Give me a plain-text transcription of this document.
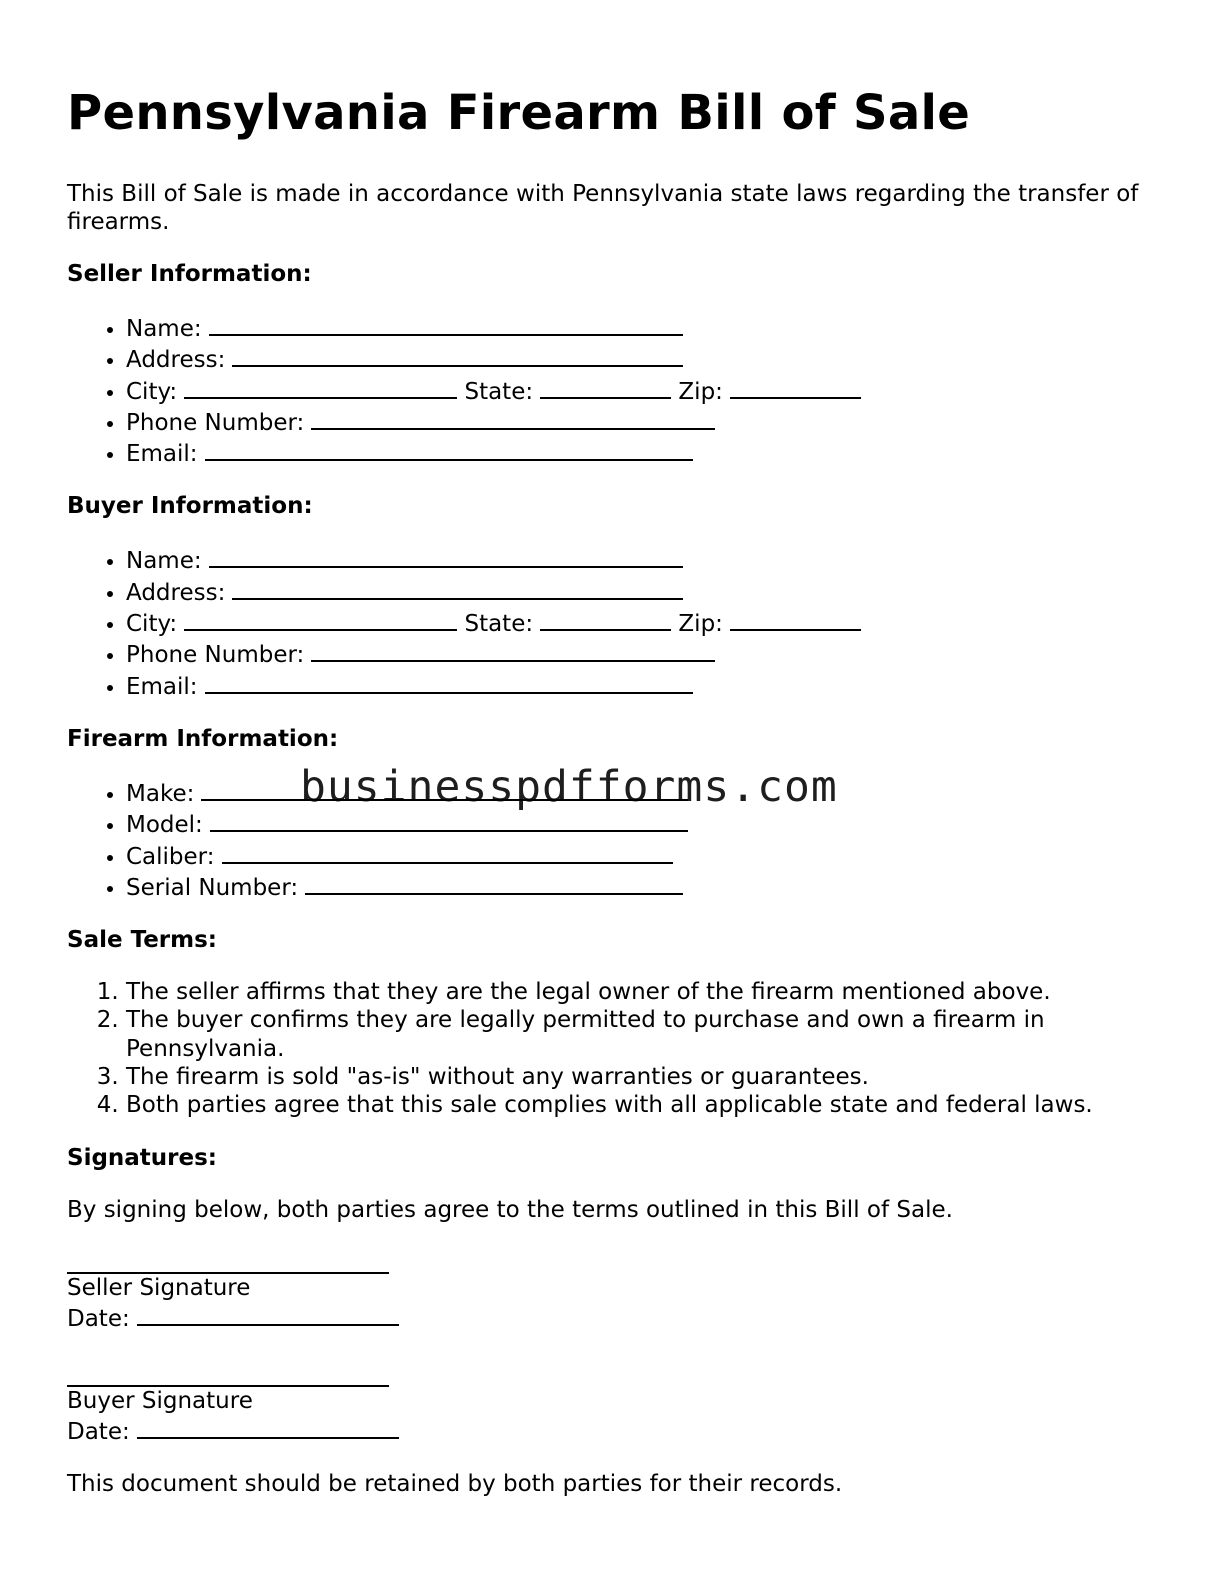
Pennsylvania Firearm Bill of Sale

This Bill of Sale is made in accordance with Pennsylvania state laws regarding the transfer of firearms.

Seller Information:
• Name:
• Address:
• City:	State:	Zip:
• Phone Number:
• Email:
Buyer Information:
• Name:
• Address:
• City:	State:	Zip:
• Phone Number:
• Email:
Firearm Information:
• Make:
• Model:
• Caliber:
• Serial Number:
Sale Terms:
1. The seller affirms that they are the legal owner of the firearm mentioned above.
2. The buyer confirms they are legally permitted to purchase and own a firearm in Pennsylvania.
3. The firearm is sold "as-is" without any warranties or guarantees.
4. Both parties agree that this sale complies with all applicable state and federal laws.
Signatures:

By signing below, both parties agree to the terms outlined in this Bill of Sale.

Seller Signature
Date:
Buyer Signature
Date:

This document should be retained by both parties for their records.

businesspdfforms.com
